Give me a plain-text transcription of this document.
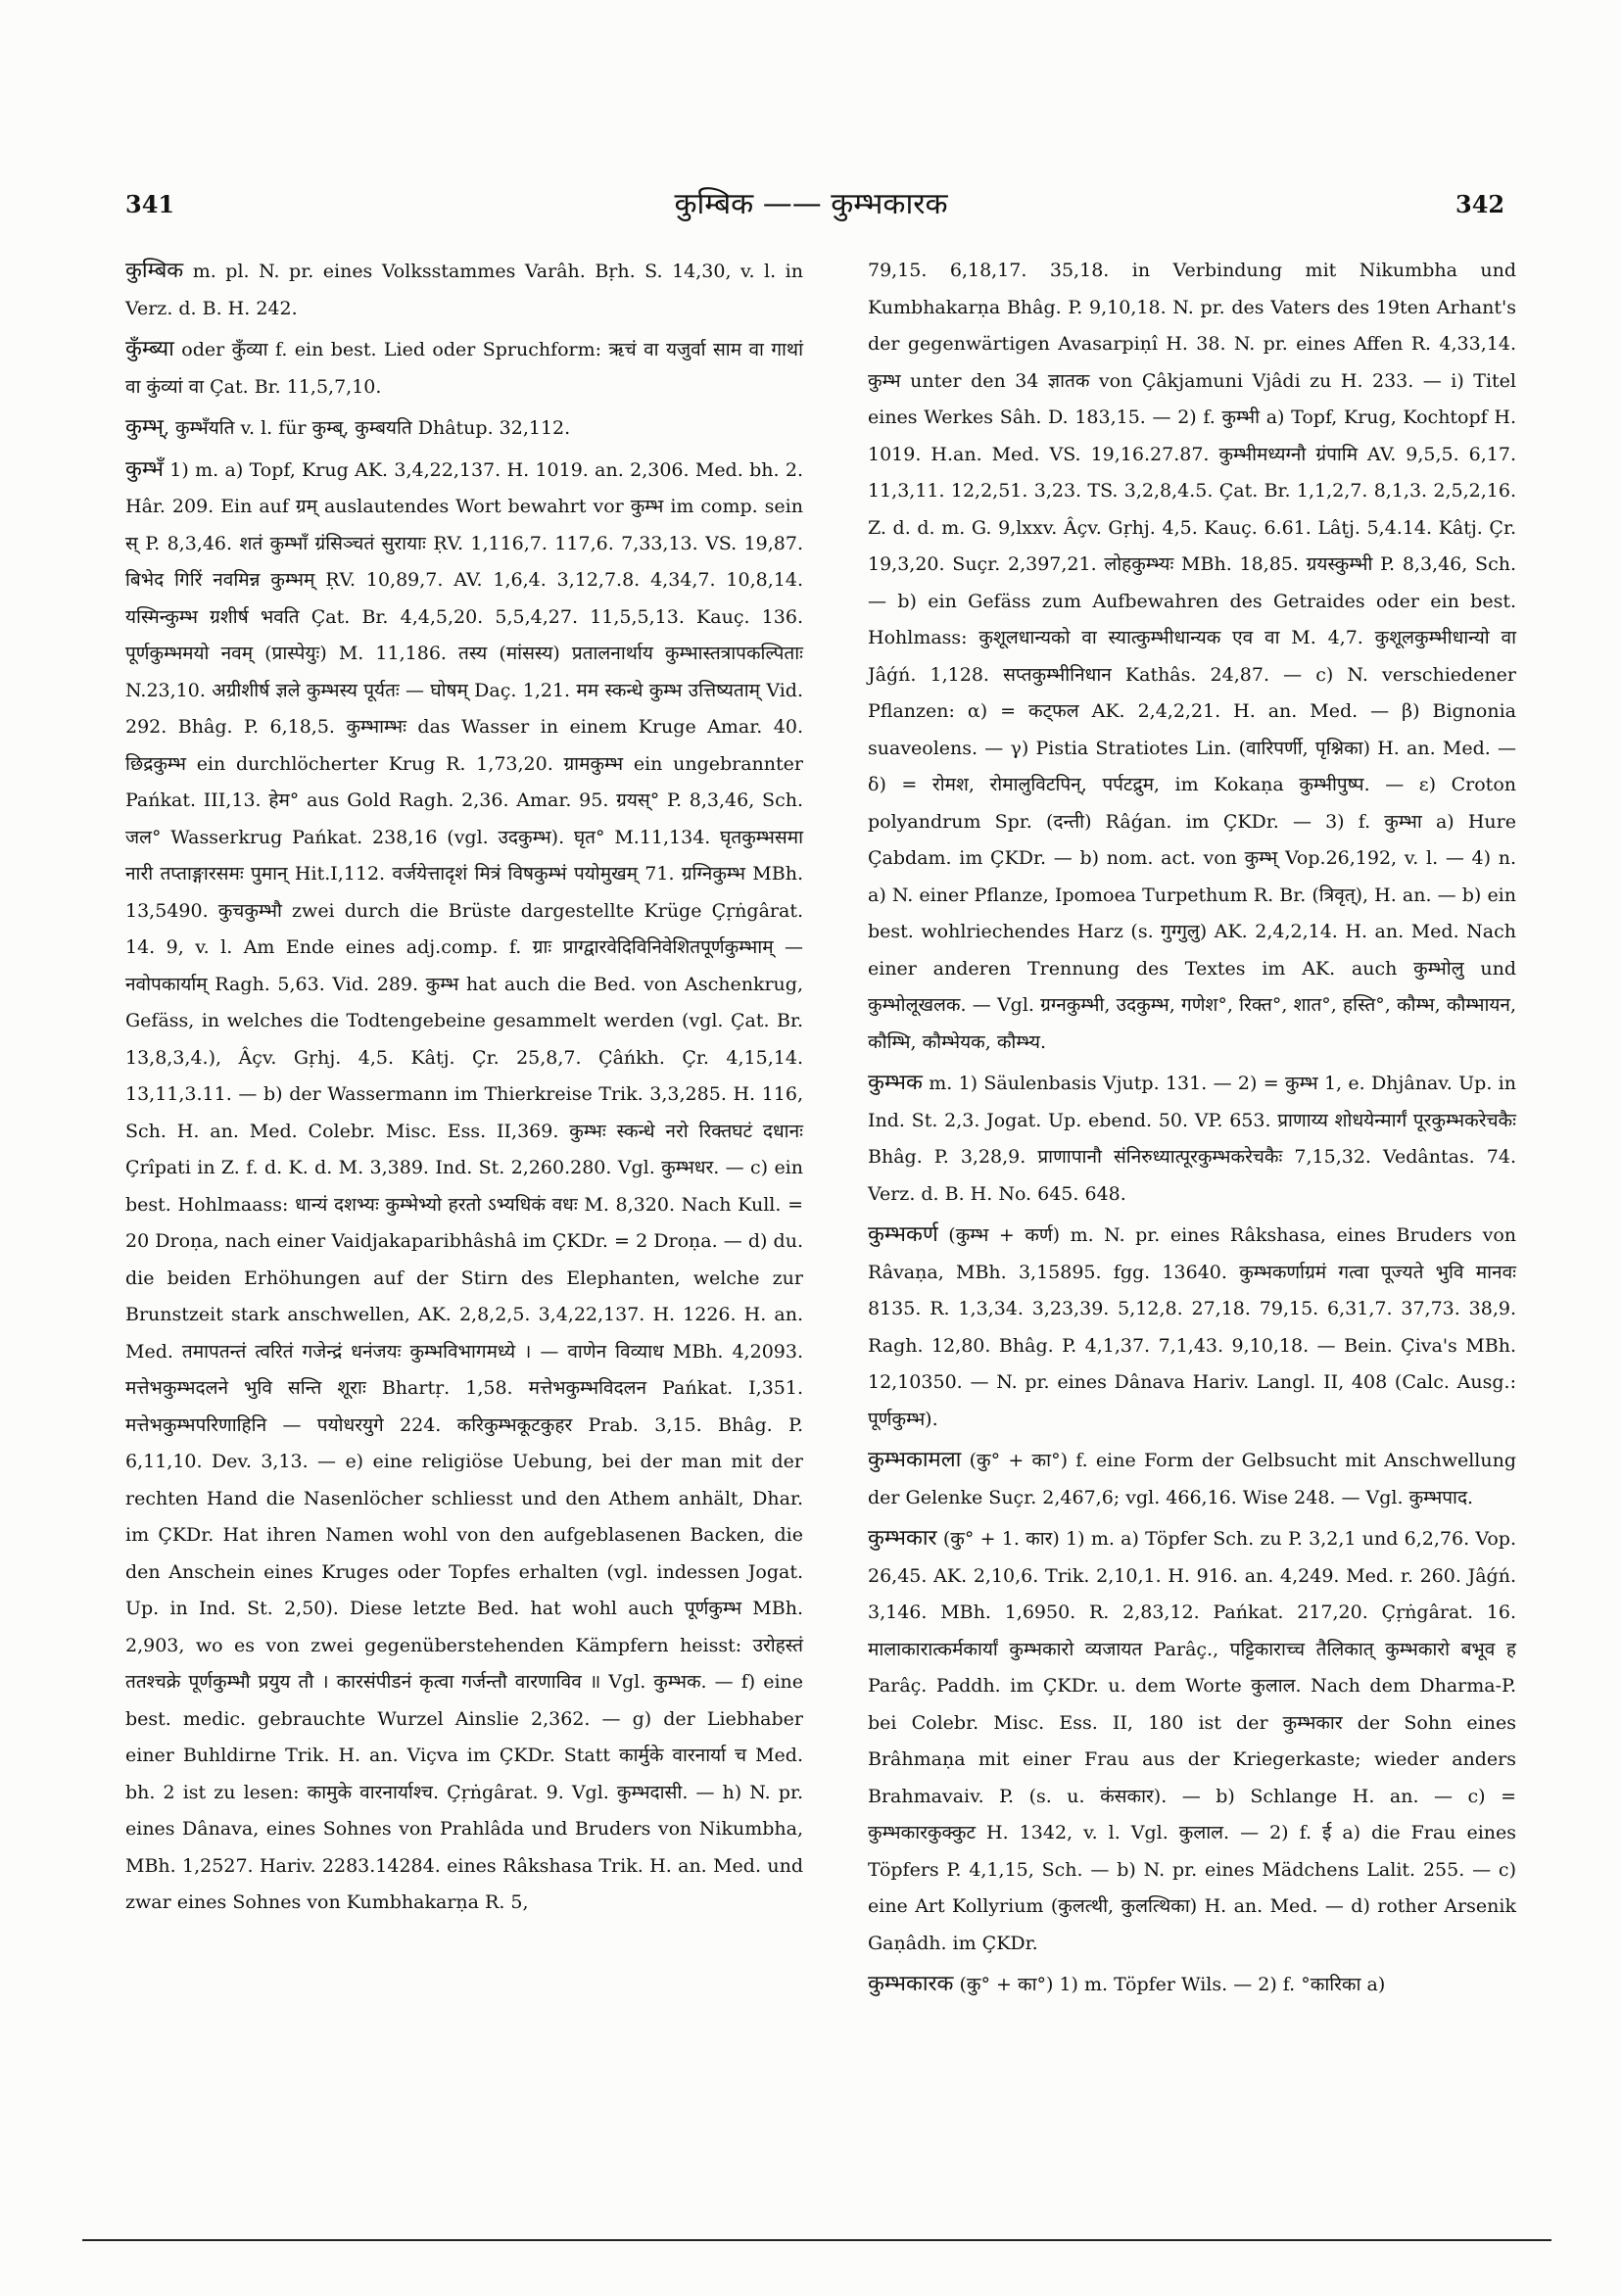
341	कुम्बिक —— कुम्भकारक	342

कुम्बिक m. pl. N. pr. eines Volksstammes Varâh. Bṛh. S. 14,30, v. l. in Verz. d. B. H. 242.

कुँम्ब्या oder कुँव्या f. ein best. Lied oder Spruchform: ऋचं वा यजुर्वा साम वा गाथां वा कुंव्यां वा Çat. Br. 11,5,7,10.

कुम्भ्, कुम्भँयति v. l. für कुम्ब्, कुम्बयति Dhâtup. 32,112.

कुम्भँ 1) m. a) Topf, Krug AK. 3,4,22,137. H. 1019. an. 2,306. Med. bh. 2. Hâr. 209. Ein auf ग्रम् auslautendes Wort bewahrt vor कुम्भ im comp. sein स् P. 8,3,46. शतं कुम्भाँ ग्रंसिञ्चतं सुरायाः ṚV. 1,116,7. 117,6. 7,33,13. VS. 19,87. बिभेद गिरिं नवमिन्न कुम्भम् ṚV. 10,89,7. AV. 1,6,4. 3,12,7.8. 4,34,7. 10,8,14. यस्मिन्कुम्भ ग्रशीर्ष भवति Çat. Br. 4,4,5,20. 5,5,4,27. 11,5,5,13. Kauç. 136. पूर्णकुम्भमयो नवम् (प्रास्पेयुः) M. 11,186. तस्य (मांसस्य) प्रतालनार्थाय कुम्भास्तत्रापकल्पिताः N.23,10. अग्रीशीर्ष ज्ञले कुम्भस्य पूर्यतः — घोषम् Daç. 1,21. मम स्कन्धे कुम्भ उत्तिष्यताम् Vid. 292. Bhâg. P. 6,18,5. कुम्भाम्भः das Wasser in einem Kruge Amar. 40. छिद्रकुम्भ ein durchlöcherter Krug R. 1,73,20. ग्रामकुम्भ ein ungebrannter Pańkat. III,13. हेम° aus Gold Ragh. 2,36. Amar. 95. ग्रयस्° P. 8,3,46, Sch. जल° Wasserkrug Pańkat. 238,16 (vgl. उदकुम्भ). घृत° M.11,134. घृतकुम्भसमा नारी तप्ताङ्गारसमः पुमान् Hit.I,112. वर्जयेत्तादृशं मित्रं विषकुम्भं पयोमुखम् 71. ग्रग्निकुम्भ MBh. 13,5490. कुचकुम्भौ zwei durch die Brüste dargestellte Krüge Çṛṅgârat. 14. 9, v. l. Am Ende eines adj.comp. f. ग्राः प्राग्द्वारवेदिविनिवेशितपूर्णकुम्भाम् — नवोपकार्याम् Ragh. 5,63. Vid. 289. कुम्भ hat auch die Bed. von Aschenkrug, Gefäss, in welches die Todtengebeine gesammelt werden (vgl. Çat. Br. 13,8,3,4.), Âçv. Gṛhj. 4,5. Kâtj. Çr. 25,8,7. Çâńkh. Çr. 4,15,14. 13,11,3.11. — b) der Wassermann im Thierkreise Trik. 3,3,285. H. 116, Sch. H. an. Med. Colebr. Misc. Ess. II,369. कुम्भः स्कन्धे नरो रिक्तघटं दधानः Çrîpati in Z. f. d. K. d. M. 3,389. Ind. St. 2,260.280. Vgl. कुम्भधर. — c) ein best. Hohlmaass: धान्यं दशभ्यः कुम्भेभ्यो हरतो ऽभ्यधिकं वधः M. 8,320. Nach Kull. = 20 Droṇa, nach einer Vaidjakaparibhâshâ im ÇKDr. = 2 Droṇa. — d) du. die beiden Erhöhungen auf der Stirn des Elephanten, welche zur Brunstzeit stark anschwellen, AK. 2,8,2,5. 3,4,22,137. H. 1226. H. an. Med. तमापतन्तं त्वरितं गजेन्द्रं धनंजयः कुम्भविभागमध्ये । — वाणेन विव्याध MBh. 4,2093. मत्तेभकुम्भदलने भुवि सन्ति शूराः Bhartṛ. 1,58. मत्तेभकुम्भविदलन Pańkat. I,351. मत्तेभकुम्भपरिणाहिनि — पयोधरयुगे 224. करिकुम्भकूटकुहर Prab. 3,15. Bhâg. P. 6,11,10. Dev. 3,13. — e) eine religiöse Uebung, bei der man mit der rechten Hand die Nasenlöcher schliesst und den Athem anhält, Dhar. im ÇKDr. Hat ihren Namen wohl von den aufgeblasenen Backen, die den Anschein eines Kruges oder Topfes erhalten (vgl. indessen Jogat. Up. in Ind. St. 2,50). Diese letzte Bed. hat wohl auch पूर्णकुम्भ MBh. 2,903, wo es von zwei gegenüberstehenden Kämpfern heisst: उरोहस्तं ततश्चक्रे पूर्णकुम्भौ प्रयुय तौ । कारसंपीडनं कृत्वा गर्जन्तौ वारणाविव ॥ Vgl. कुम्भक. — f) eine best. medic. gebrauchte Wurzel Ainslie 2,362. — g) der Liebhaber einer Buhldirne Trik. H. an. Viçva im ÇKDr. Statt कार्मुके वारनार्या च Med. bh. 2 ist zu lesen: कामुके वारनार्याश्च. Çṛṅgârat. 9. Vgl. कुम्भदासी. — h) N. pr. eines Dânava, eines Sohnes von Prahlâda und Bruders von Nikumbha, MBh. 1,2527. Hariv. 2283.14284. eines Râkshasa Trik. H. an. Med. und zwar eines Sohnes von Kumbhakarṇa R. 5,

79,15. 6,18,17. 35,18. in Verbindung mit Nikumbha und Kumbhakarṇa Bhâg. P. 9,10,18. N. pr. des Vaters des 19ten Arhant's der gegenwärtigen Avasarpiṇî H. 38. N. pr. eines Affen R. 4,33,14. कुम्भ unter den 34 ज्ञातक von Çâkjamuni Vjâdi zu H. 233. — i) Titel eines Werkes Sâh. D. 183,15. — 2) f. कुम्भी a) Topf, Krug, Kochtopf H. 1019. H.an. Med. VS. 19,16.27.87. कुम्भीमध्यग्नौ ग्रंपामि AV. 9,5,5. 6,17. 11,3,11. 12,2,51. 3,23. TS. 3,2,8,4.5. Çat. Br. 1,1,2,7. 8,1,3. 2,5,2,16. Z. d. d. m. G. 9,lxxv. Âçv. Gṛhj. 4,5. Kauç. 6.61. Lâṭj. 5,4.14. Kâtj. Çr. 19,3,20. Suçr. 2,397,21. लोहकुम्भ्यः MBh. 18,85. ग्रयस्कुम्भी P. 8,3,46, Sch. — b) ein Gefäss zum Aufbewahren des Getraides oder ein best. Hohlmass: कुशूलधान्यको वा स्यात्कुम्भीधान्यक एव वा M. 4,7. कुशूलकुम्भीधान्यो वा Jâǵń. 1,128. सप्तकुम्भीनिधान Kathâs. 24,87. — c) N. verschiedener Pflanzen: α) = कट्फल AK. 2,4,2,21. H. an. Med. — β) Bignonia suaveolens. — γ) Pistia Stratiotes Lin. (वारिपर्णी, पृश्निका) H. an. Med. — δ) = रोमश, रोमालुविटपिन्, पर्पटद्रुम, im Kokaṇa कुम्भीपुष्प. — ε) Croton polyandrum Spr. (दन्ती) Râǵan. im ÇKDr. — 3) f. कुम्भा a) Hure Çabdam. im ÇKDr. — b) nom. act. von कुम्भ् Vop.26,192, v. l. — 4) n. a) N. einer Pflanze, Ipomoea Turpethum R. Br. (त्रिवृत्), H. an. — b) ein best. wohlriechendes Harz (s. गुग्गुलु) AK. 2,4,2,14. H. an. Med. Nach einer anderen Trennung des Textes im AK. auch कुम्भोलु und कुम्भोलूखलक. — Vgl. ग्रग्नकुम्भी, उदकुम्भ, गणेश°, रिक्त°, शात°, हस्ति°, कौम्भ, कौम्भायन, कौम्भि, कौम्भेयक, कौम्भ्य.

कुम्भक m. 1) Säulenbasis Vjutp. 131. — 2) = कुम्भ 1, e. Dhjânav. Up. in Ind. St. 2,3. Jogat. Up. ebend. 50. VP. 653. प्राणाय्य शोधयेन्मार्गं पूरकुम्भकरेचकैः Bhâg. P. 3,28,9. प्राणापानौ संनिरुध्यात्पूरकुम्भकरेचकैः 7,15,32. Vedântas. 74. Verz. d. B. H. No. 645. 648.

कुम्भकर्ण (कुम्भ + कर्ण) m. N. pr. eines Râkshasa, eines Bruders von Râvaṇa, MBh. 3,15895. fgg. 13640. कुम्भकर्णाग्रमं गत्वा पूज्यते भुवि मानवः 8135. R. 1,3,34. 3,23,39. 5,12,8. 27,18. 79,15. 6,31,7. 37,73. 38,9. Ragh. 12,80. Bhâg. P. 4,1,37. 7,1,43. 9,10,18. — Bein. Çiva's MBh. 12,10350. — N. pr. eines Dânava Hariv. Langl. II, 408 (Calc. Ausg.: पूर्णकुम्भ).

कुम्भकामला (कु° + का°) f. eine Form der Gelbsucht mit Anschwellung der Gelenke Suçr. 2,467,6; vgl. 466,16. Wise 248. — Vgl. कुम्भपाद.

कुम्भकार (कु° + 1. कार) 1) m. a) Töpfer Sch. zu P. 3,2,1 und 6,2,76. Vop. 26,45. AK. 2,10,6. Trik. 2,10,1. H. 916. an. 4,249. Med. r. 260. Jâǵń. 3,146. MBh. 1,6950. R. 2,83,12. Pańkat. 217,20. Çṛṅgârat. 16. मालाकारात्कर्मकार्यां कुम्भकारो व्यजायत Parâç., पट्टिकाराच्च तैलिकात् कुम्भकारो बभूव ह Parâç. Paddh. im ÇKDr. u. dem Worte कुलाल. Nach dem Dharma-P. bei Colebr. Misc. Ess. II, 180 ist der कुम्भकार der Sohn eines Brâhmaṇa mit einer Frau aus der Kriegerkaste; wieder anders Brahmavaiv. P. (s. u. कंसकार). — b) Schlange H. an. — c) = कुम्भकारकुक्कुट H. 1342, v. l. Vgl. कुलाल. — 2) f. ई a) die Frau eines Töpfers P. 4,1,15, Sch. — b) N. pr. eines Mädchens Lalit. 255. — c) eine Art Kollyrium (कुलत्थी, कुलत्थिका) H. an. Med. — d) rother Arsenik Gaṇâdh. im ÇKDr.

कुम्भकारक (कु° + का°) 1) m. Töpfer Wils. — 2) f. °कारिका a)
